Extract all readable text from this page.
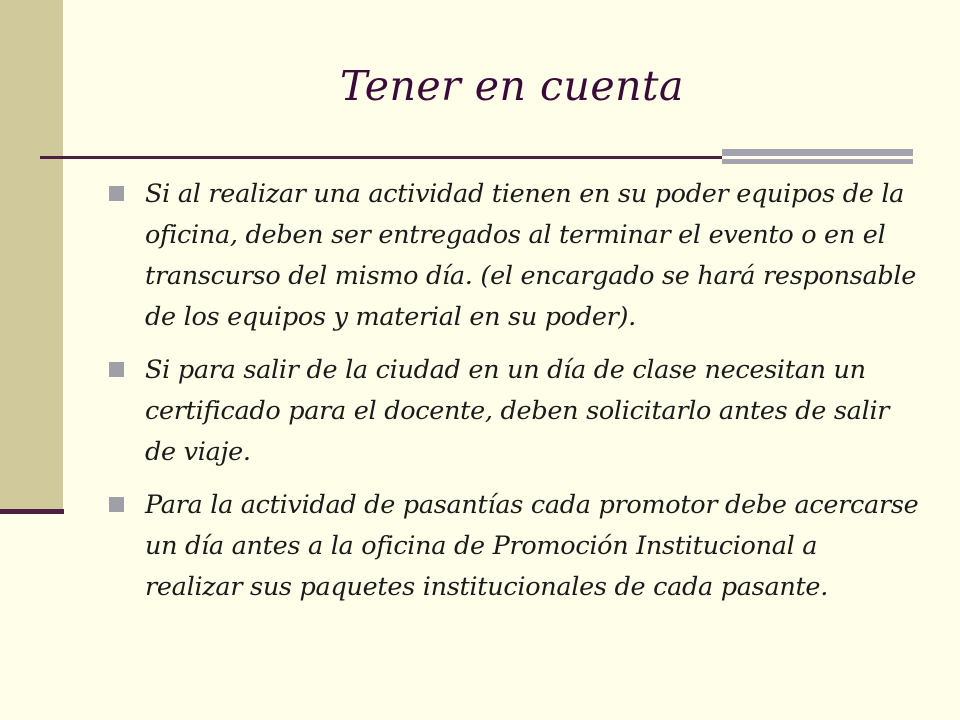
Tener en cuenta
Si al realizar una actividad tienen en su poder equipos de la oficina, deben ser entregados al terminar el evento o en el transcurso del mismo día. (el encargado se hará responsable de los equipos y material en su poder).
Si para salir de la ciudad en un día de clase necesitan un certificado para el docente, deben solicitarlo antes de salir de viaje.
Para la actividad de pasantías cada promotor debe acercarse un día antes a la oficina de Promoción Institucional a realizar sus paquetes institucionales de cada pasante.
